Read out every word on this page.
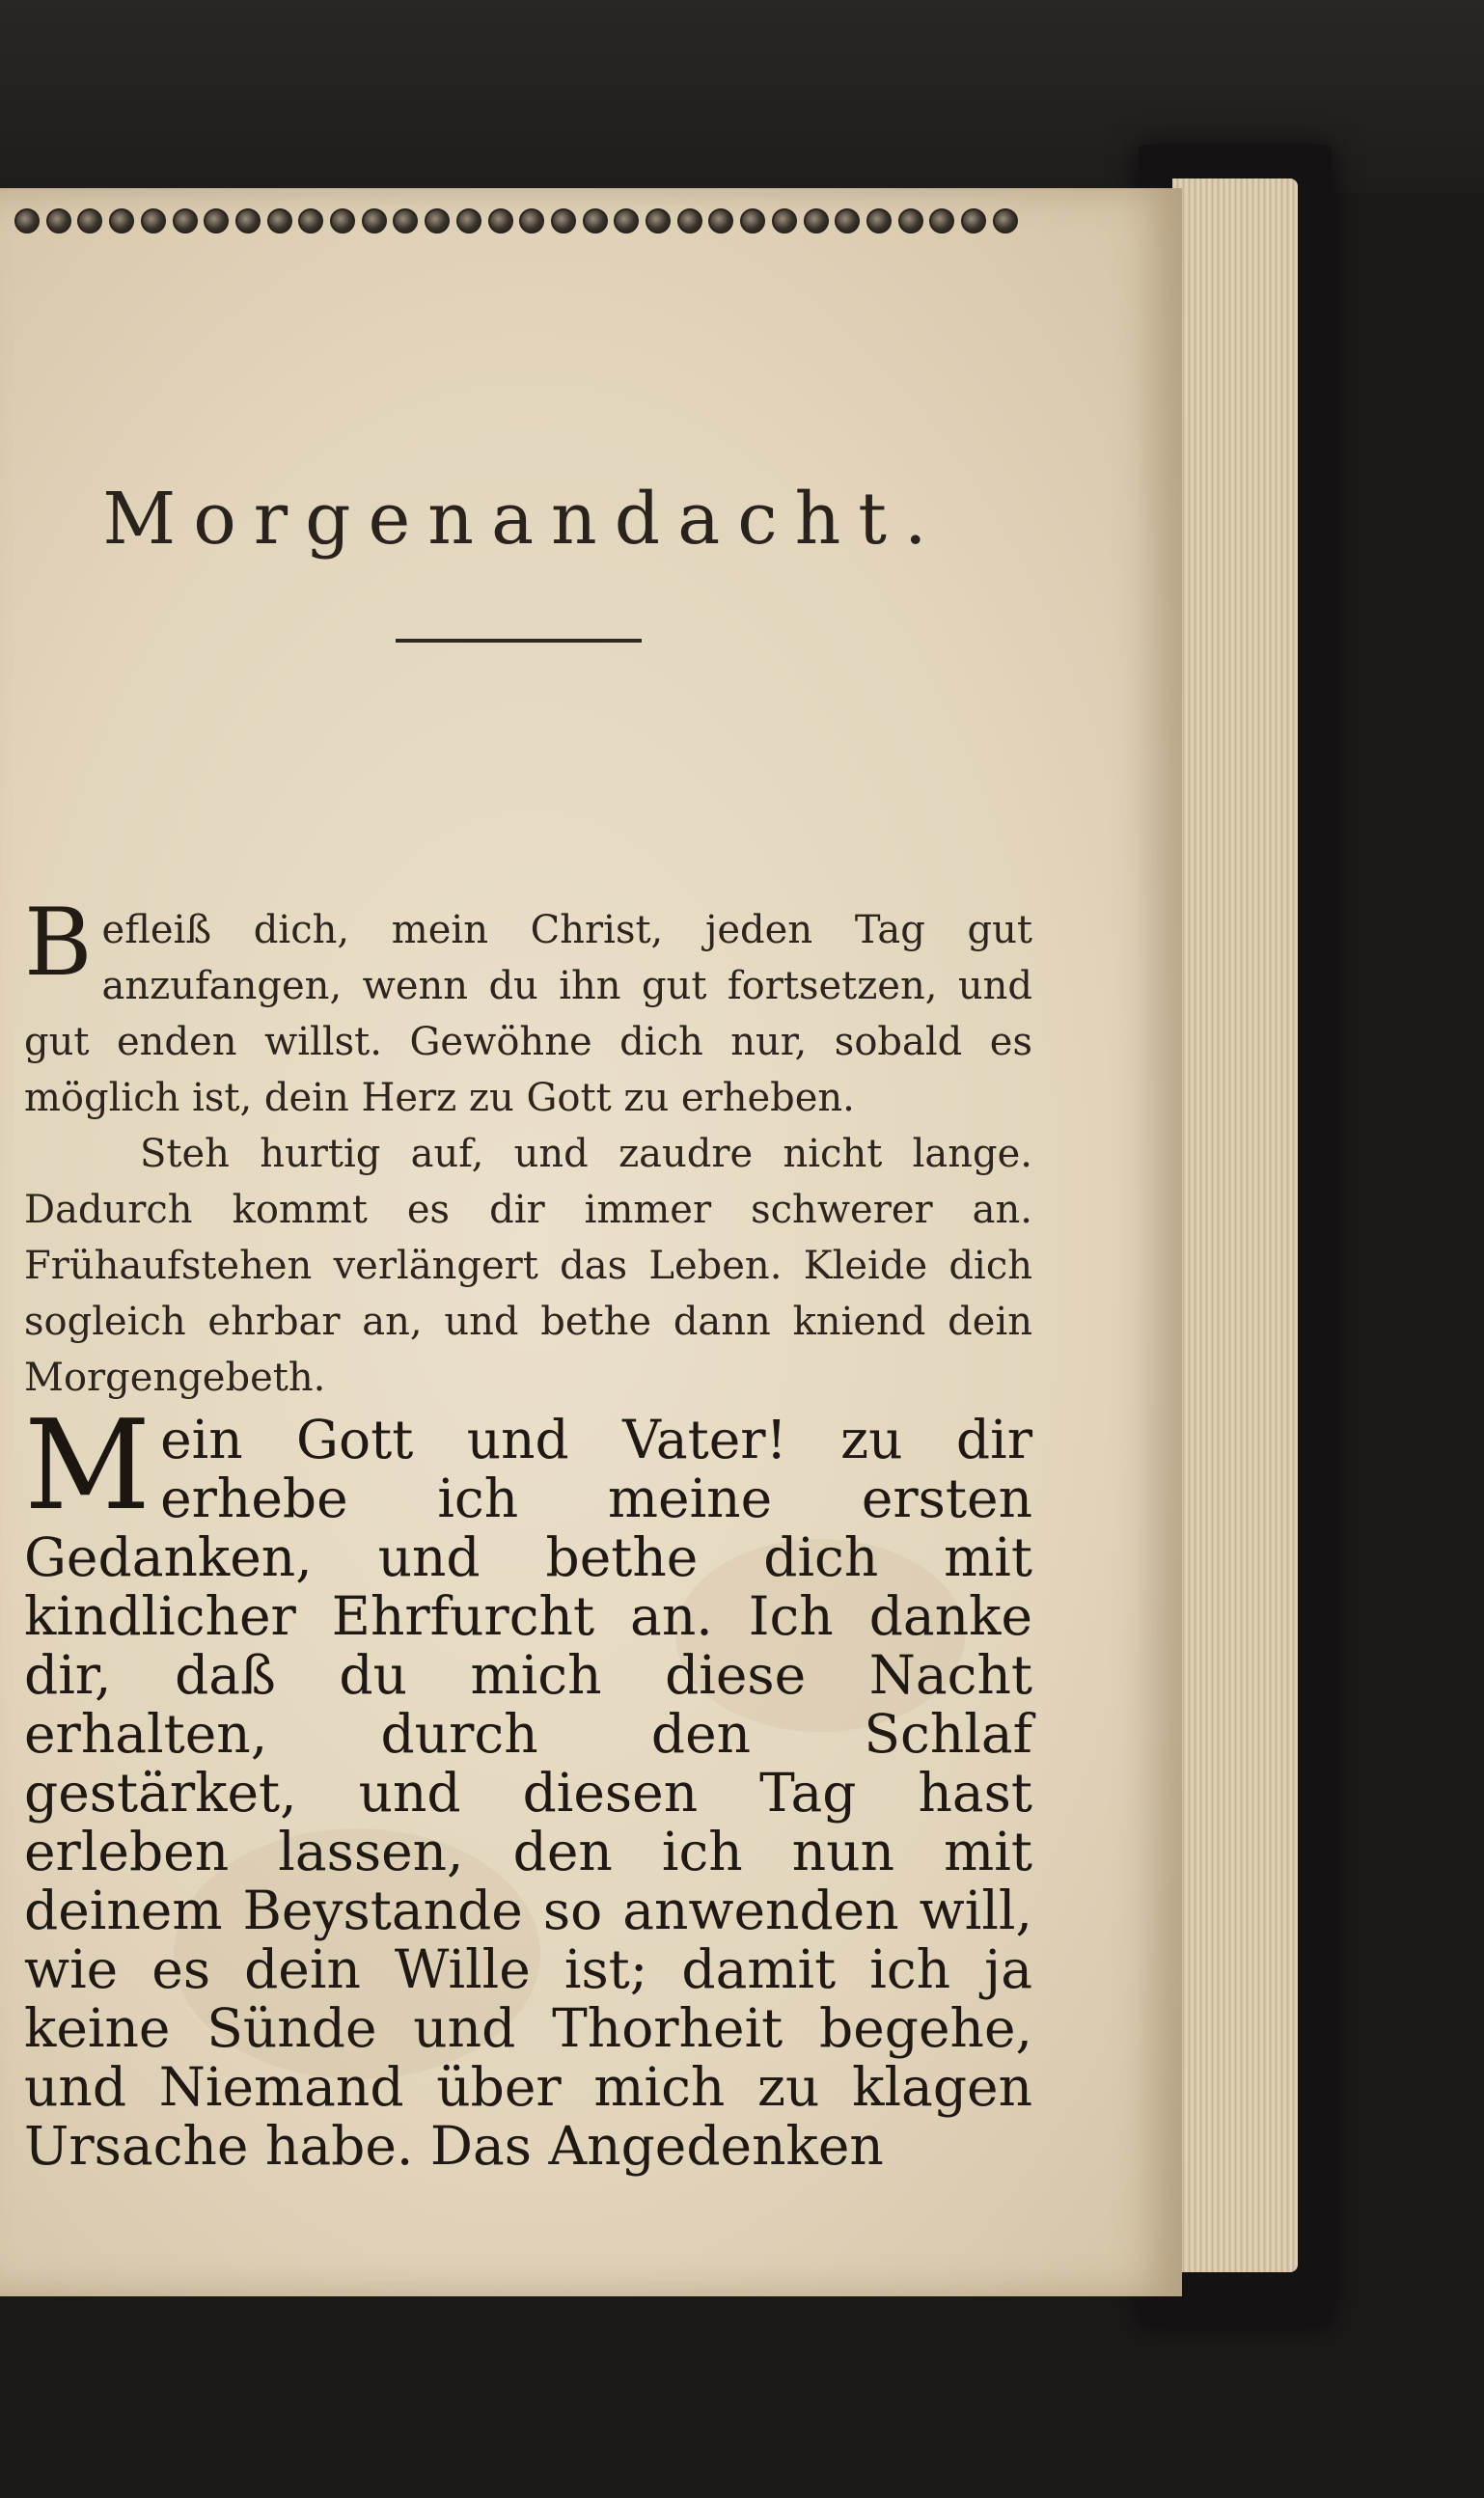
Morgenandacht.

Befleiß dich, mein Christ, jeden Tag gut anzufangen, wenn du ihn gut fortsetzen, und gut enden willst. Gewöhne dich nur, sobald es möglich ist, dein Herz zu Gott zu erheben.

Steh hurtig auf, und zaudre nicht lange. Dadurch kommt es dir immer schwerer an. Frühaufstehen verlängert das Leben. Kleide dich sogleich ehrbar an, und bethe dann kniend dein Morgengebeth.

Mein Gott und Vater! zu dir erhebe ich meine ersten Gedanken, und bethe dich mit kindlicher Ehrfurcht an. Ich danke dir, daß du mich diese Nacht erhalten, durch den Schlaf gestärket, und diesen Tag hast erleben lassen, den ich nun mit deinem Beystande so anwenden will, wie es dein Wille ist; damit ich ja keine Sünde und Thorheit begehe, und Niemand über mich zu klagen Ursache habe. Das Angedenken
